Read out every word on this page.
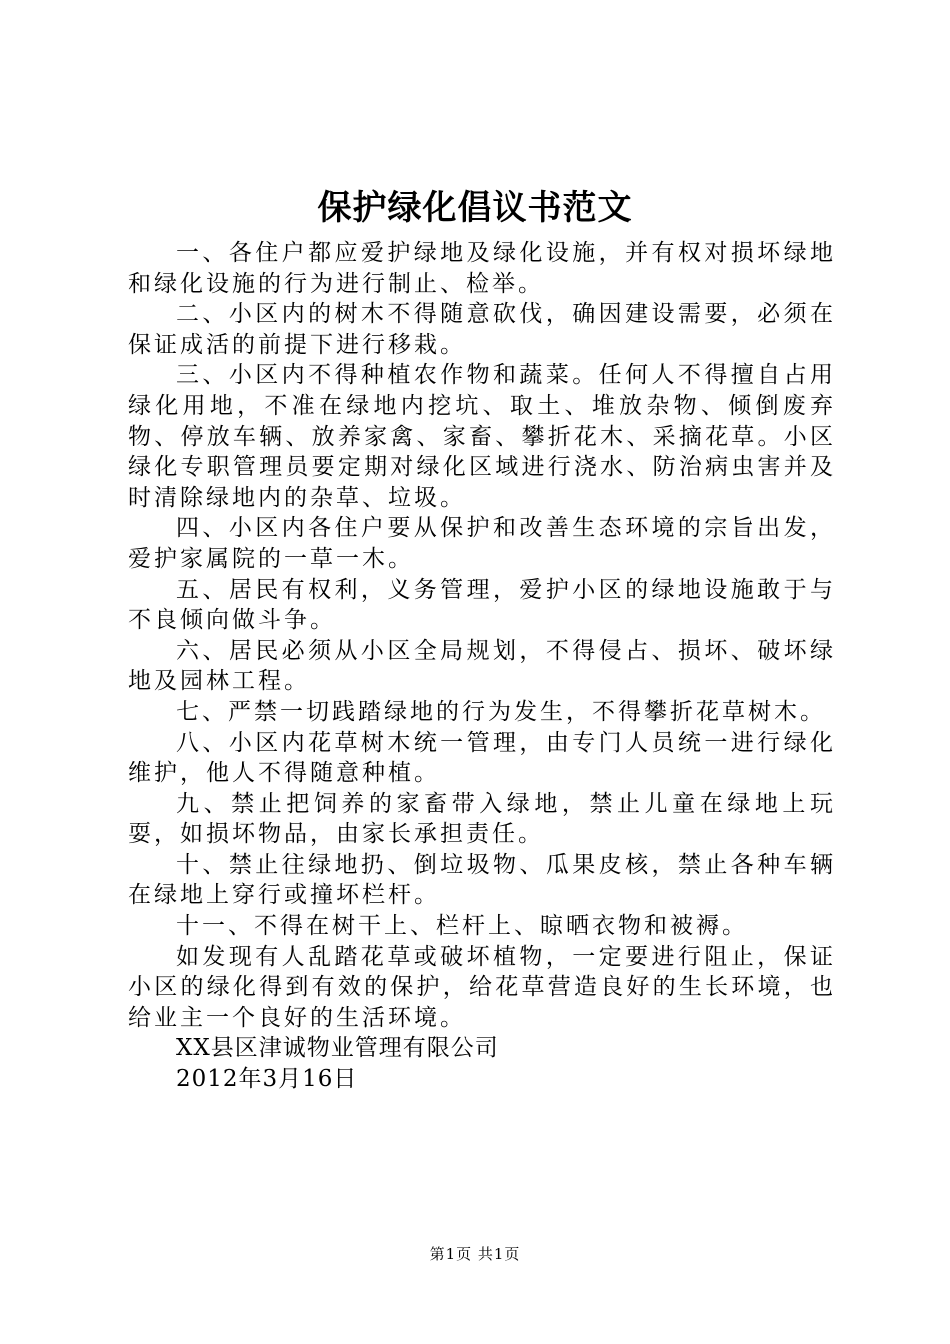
保护绿化倡议书范文

一、各住户都应爱护绿地及绿化设施，并有权对损坏绿地和绿化设施的行为进行制止、检举。

二、小区内的树木不得随意砍伐，确因建设需要，必须在保证成活的前提下进行移栽。

三、小区内不得种植农作物和蔬菜。任何人不得擅自占用绿化用地，不准在绿地内挖坑、取土、堆放杂物、倾倒废弃物、停放车辆、放养家禽、家畜、攀折花木、采摘花草。小区绿化专职管理员要定期对绿化区域进行浇水、防治病虫害并及时清除绿地内的杂草、垃圾。

四、小区内各住户要从保护和改善生态环境的宗旨出发，爱护家属院的一草一木。

五、居民有权利，义务管理，爱护小区的绿地设施敢于与不良倾向做斗争。

六、居民必须从小区全局规划，不得侵占、损坏、破坏绿地及园林工程。

七、严禁一切践踏绿地的行为发生，不得攀折花草树木。

八、小区内花草树木统一管理，由专门人员统一进行绿化维护，他人不得随意种植。

九、禁止把饲养的家畜带入绿地，禁止儿童在绿地上玩耍，如损坏物品，由家长承担责任。

十、禁止往绿地扔、倒垃圾物、瓜果皮核，禁止各种车辆在绿地上穿行或撞坏栏杆。

十一、不得在树干上、栏杆上、晾晒衣物和被褥。

如发现有人乱踏花草或破坏植物，一定要进行阻止，保证小区的绿化得到有效的保护，给花草营造良好的生长环境，也给业主一个良好的生活环境。

XX县区津诚物业管理有限公司

2012年3月16日

第1页 共1页
